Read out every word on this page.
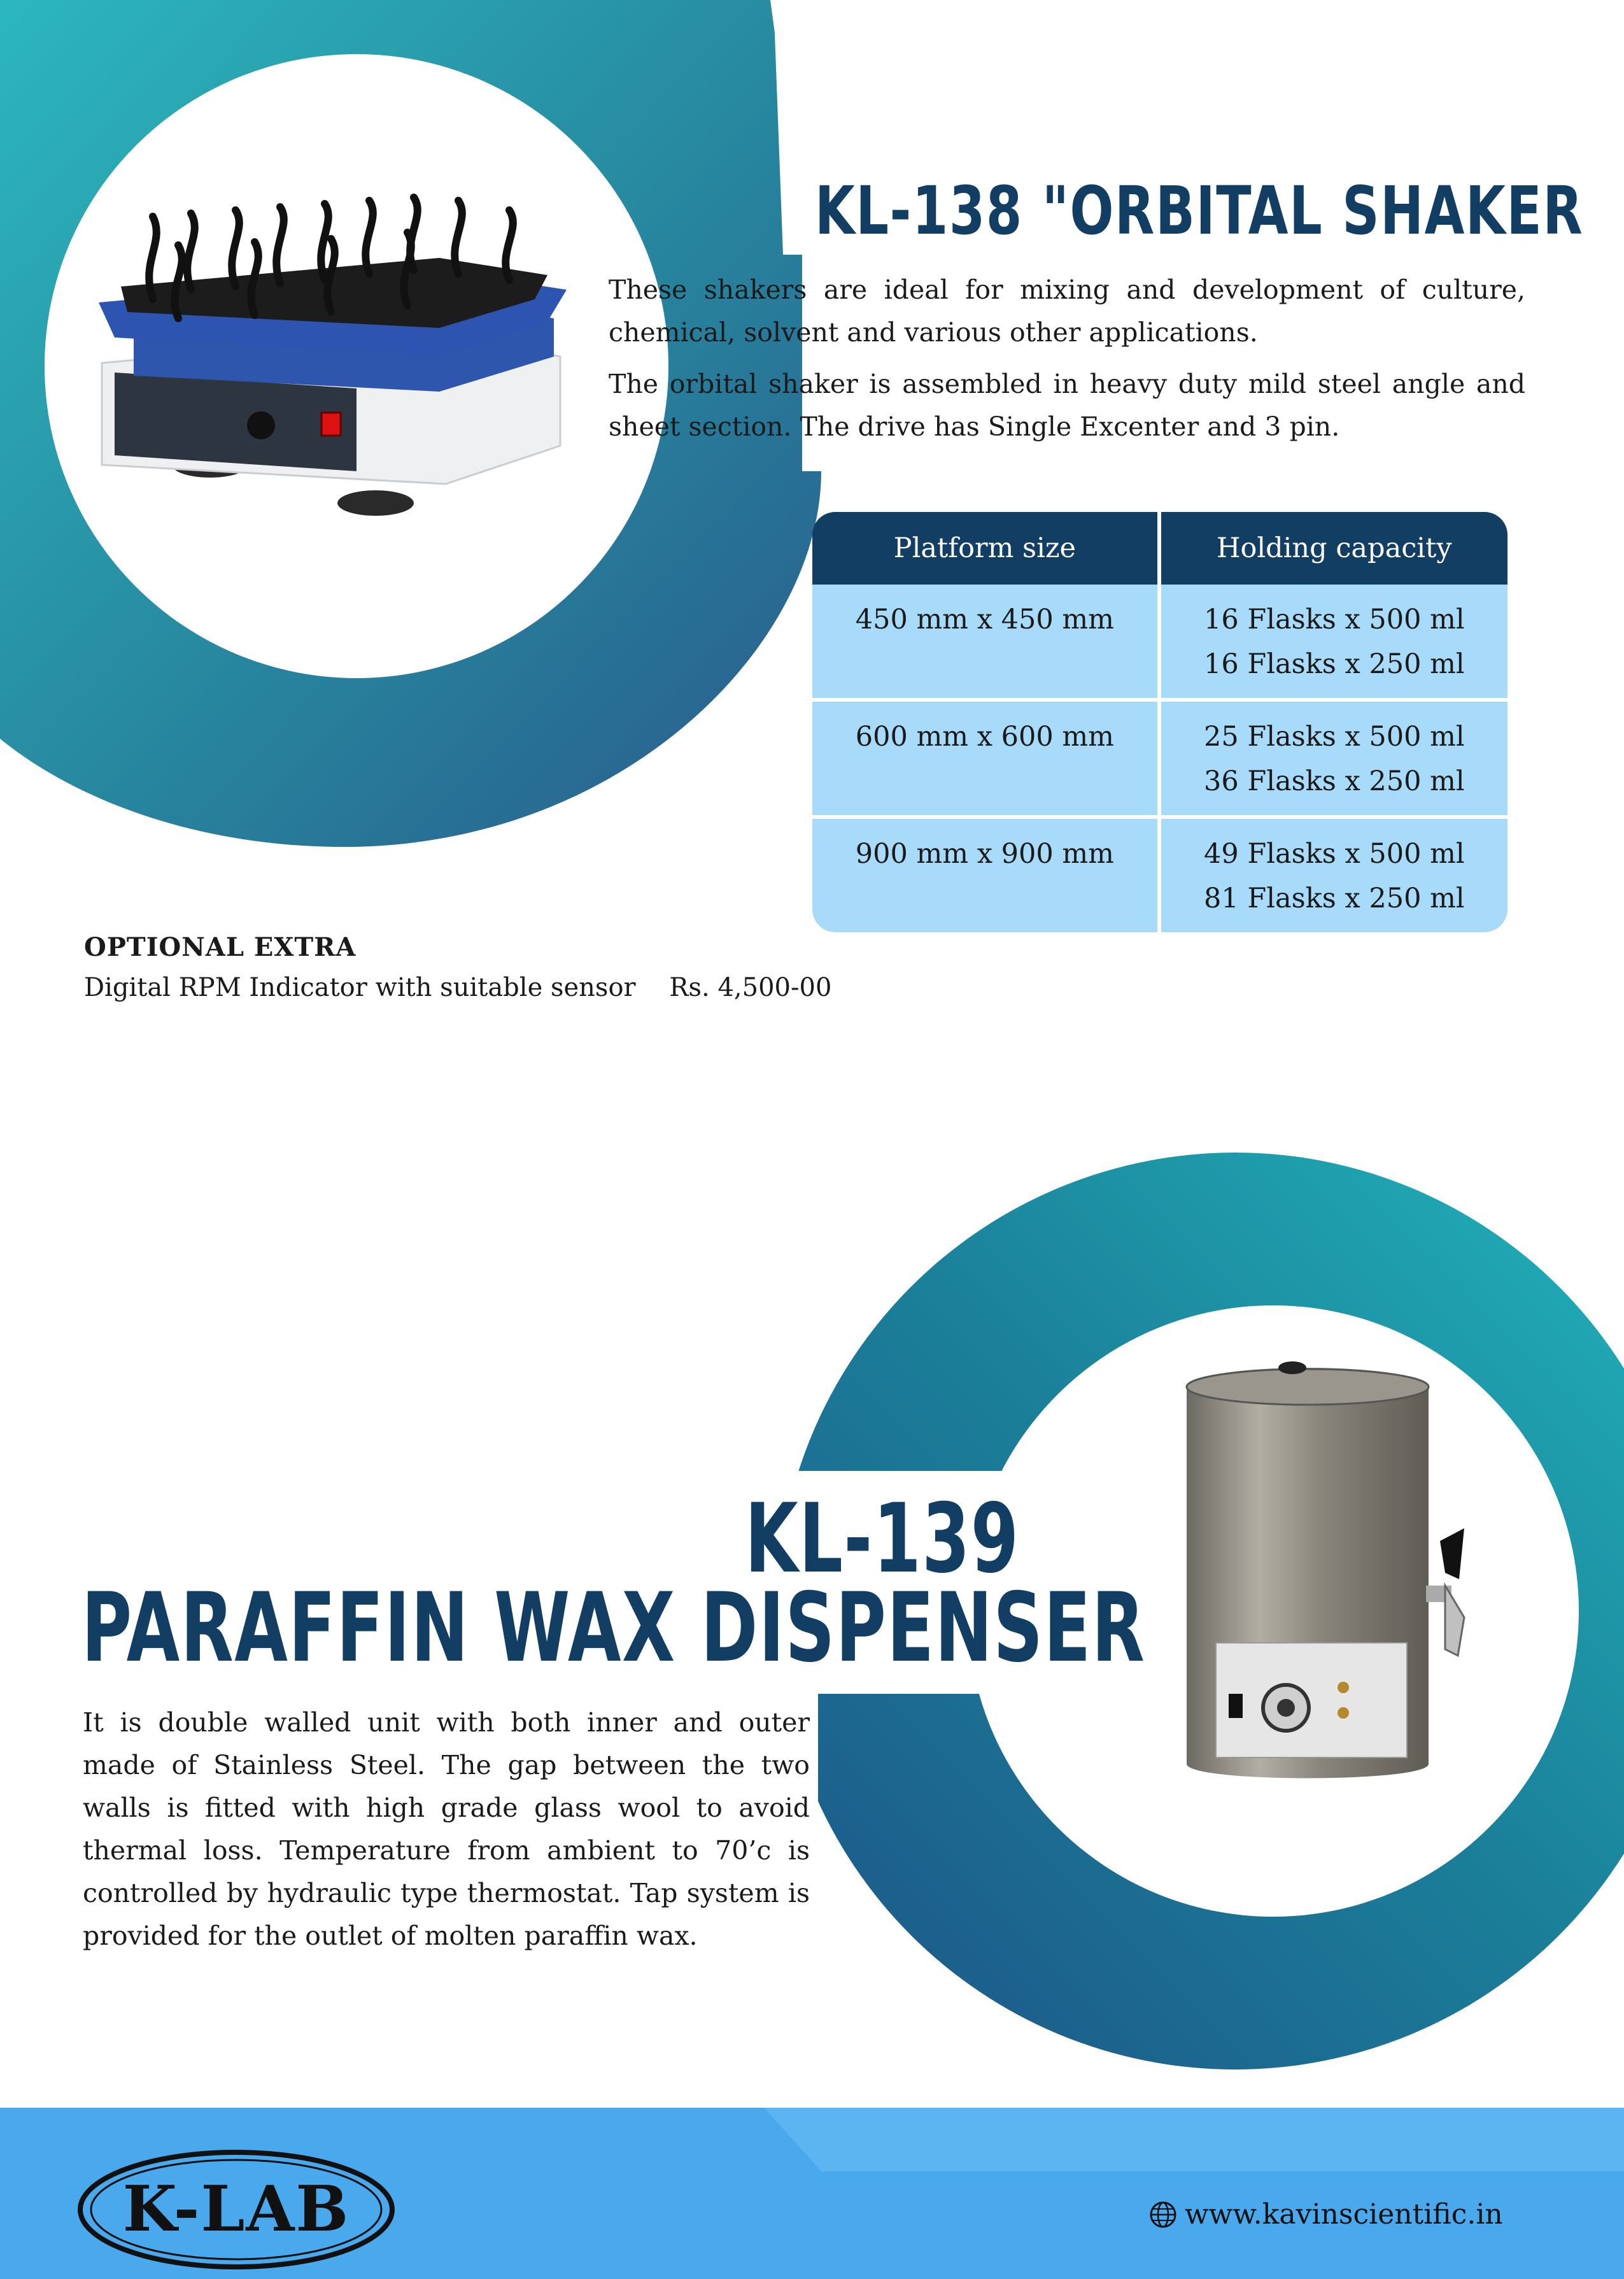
KL-138 "ORBITAL SHAKER
These shakers are ideal for mixing and development of culture, chemical, solvent and various other applications.
The orbital shaker is assembled in heavy duty mild steel angle and sheet section. The drive has Single Excenter and 3 pin.
Platform size	Holding capacity
450 mm x 450 mm	16 Flasks x 500 ml
16 Flasks x 250 ml

600 mm x 600 mm	25 Flasks x 500 ml
36 Flasks x 250 ml

900 mm x 900 mm	49 Flasks x 500 ml
81 Flasks x 250 ml
OPTIONAL EXTRA
Digital RPM Indicator with suitable sensor Rs. 4,500-00
KL-139
PARAFFIN WAX DISPENSER
It is double walled unit with both inner and outer made of Stainless Steel. The gap between the two walls is fitted with high grade glass wool to avoid thermal loss. Temperature from ambient to 70’c is controlled by hydraulic type thermostat. Tap system is provided for the outlet of molten paraffin wax.
K-LAB	www.kavinscientific.in
